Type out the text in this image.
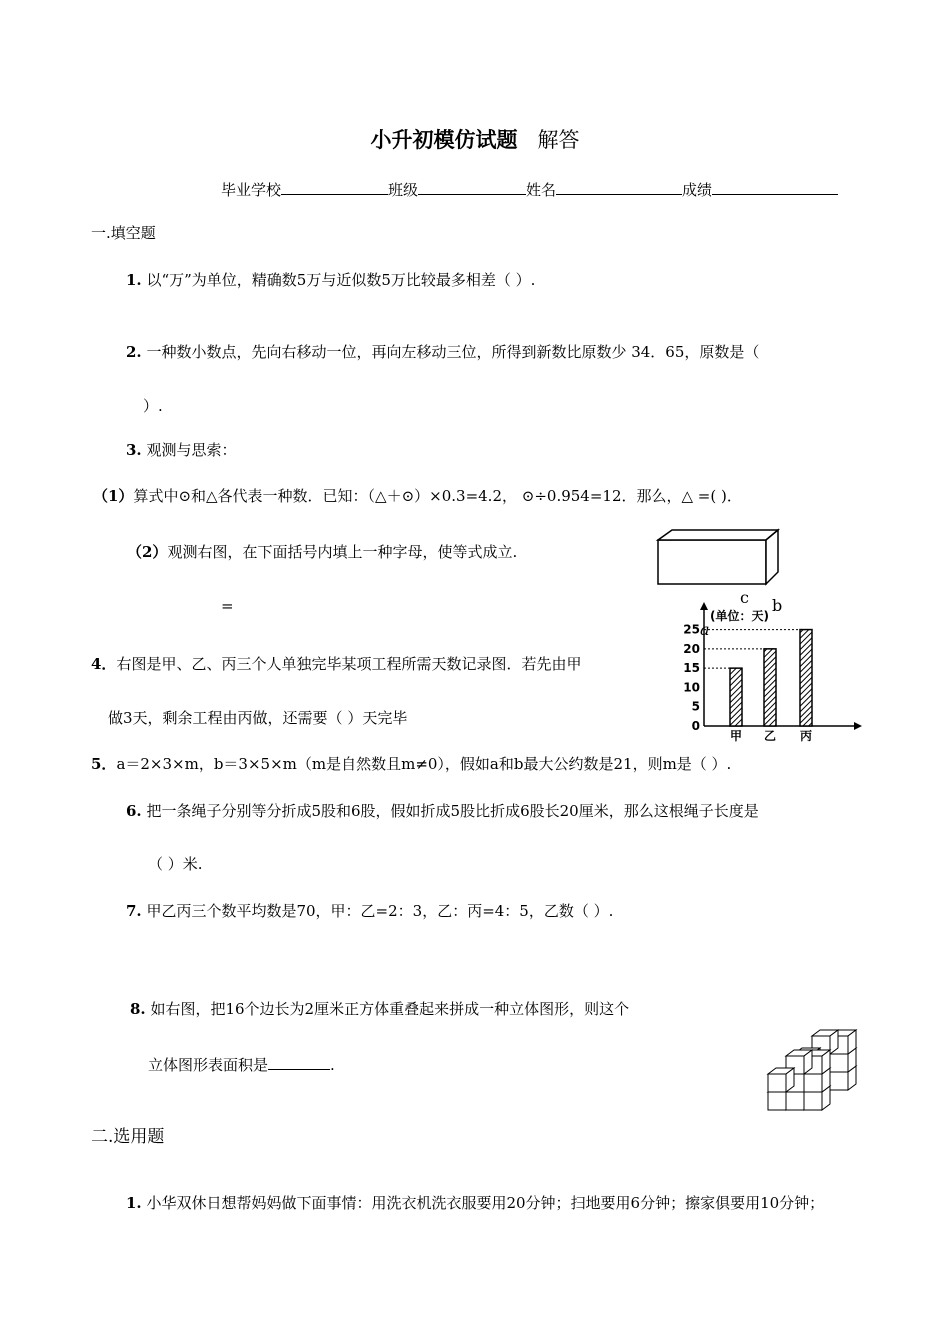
小升初模仿试题 解答
毕业学校	班级	姓名	成绩
一.填空题
1. 以“万”为单位，精确数5万与近似数5万比较最多相差（ ）.
2. 一种数小数点，先向右移动一位，再向左移动三位，所得到新数比原数少 34．65，原数是（
）.
3. 观测与思索：
（1）算式中⊙和△各代表一种数．已知：（△＋⊙）×0.3=4.2， ⊙÷0.954=12．那么，△ =( )．
（2）观测右图，在下面括号内填上一种字母，使等式成立.
=	c b
a
4．右图是甲、乙、丙三个人单独完毕某项工程所需天数记录图．若先由甲
做3天，剩余工程由丙做，还需要（ ）天完毕
(单位：天)
0
5
10
15
20
25
甲 乙 丙
5．a＝2×3×m，b＝3×5×m（m是自然数且m≠0），假如a和b最大公约数是21，则m是（ ）.
6. 把一条绳子分别等分折成5股和6股，假如折成5股比折成6股长20厘米，那么这根绳子长度是
（ ）米.
7. 甲乙丙三个数平均数是70，甲：乙=2：3，乙：丙=4：5，乙数（ ）.
8. 如右图，把16个边长为2厘米正方体重叠起来拼成一种立体图形，则这个
立体图形表面积是	.
二.选用题
1. 小华双休日想帮妈妈做下面事情：用洗衣机洗衣服要用20分钟；扫地要用6分钟；擦家俱要用10分钟；
